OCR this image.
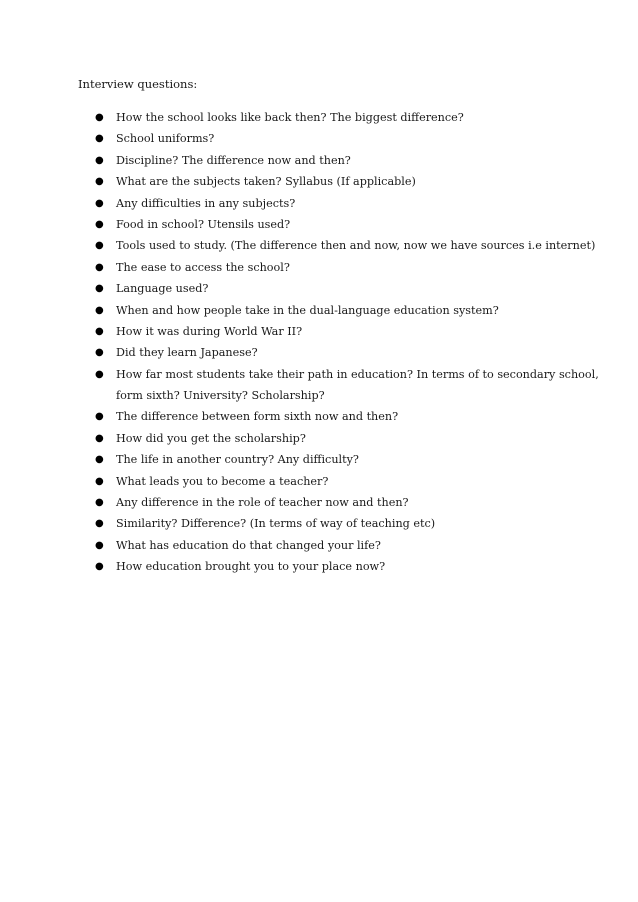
Interview questions:
● How the school looks like back then? The biggest difference?
● School uniforms?
● Discipline? The difference now and then?
● What are the subjects taken? Syllabus (If applicable)
● Any difficulties in any subjects?
● Food in school? Utensils used?
● Tools used to study. (The difference then and now, now we have sources i.e internet)
● The ease to access the school?
● Language used?
● When and how people take in the dual-language education system?
● How it was during World War II?
● Did they learn Japanese?
● How far most students take their path in education? In terms of to secondary school,
form sixth? University? Scholarship?
● The difference between form sixth now and then?
● How did you get the scholarship?
● The life in another country? Any difficulty?
● What leads you to become a teacher?
● Any difference in the role of teacher now and then?
● Similarity? Difference? (In terms of way of teaching etc)
● What has education do that changed your life?
● How education brought you to your place now?
